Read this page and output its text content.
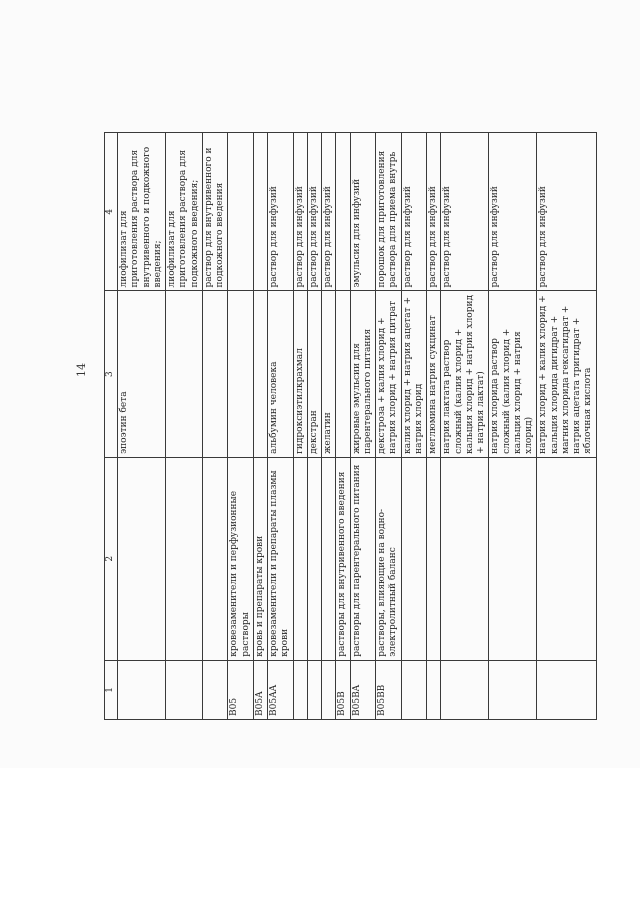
14
1	2	3	4
		эпоэтин бета	лиофилизат для приготовления раствора для внутривенного и подкожного введения;
			лиофилизат для приготовления раствора для подкожного введения;
			раствор для внутривенного и подкожного введения
B05	кровезаменители и перфузионные растворы		
B05A	кровь и препараты крови		
B05AA	кровезаменители и препараты плазмы крови	альбумин человека	раствор для инфузий
		гидроксиэтилкрахмал	раствор для инфузий
		декстран	раствор для инфузий
		желатин	раствор для инфузий
B05B	растворы для внутривенного введения		
B05BA	растворы для парентерального питания	жировые эмульсии для парентерального питания	эмульсия для инфузий
B05BB	растворы, влияющие на водно-электролитный баланс	декстроза + калия хлорид + натрия хлорид + натрия цитрат	порошок для приготовления раствора для приема внутрь
		калия хлорид + натрия ацетат + натрия хлорид	раствор для инфузий
		меглюмина натрия сукцинат	раствор для инфузий
		натрия лактата раствор сложный (калия хлорид + кальция хлорид + натрия хлорид + натрия лактат)	раствор для инфузий
		натрия хлорида раствор сложный (калия хлорид + кальция хлорид + натрия хлорид)	раствор для инфузий
		натрия хлорид + калия хлорид + кальция хлорида дигидрат + магния хлорида гексагидрат + натрия ацетата тригидрат + яблочная кислота	раствор для инфузий
